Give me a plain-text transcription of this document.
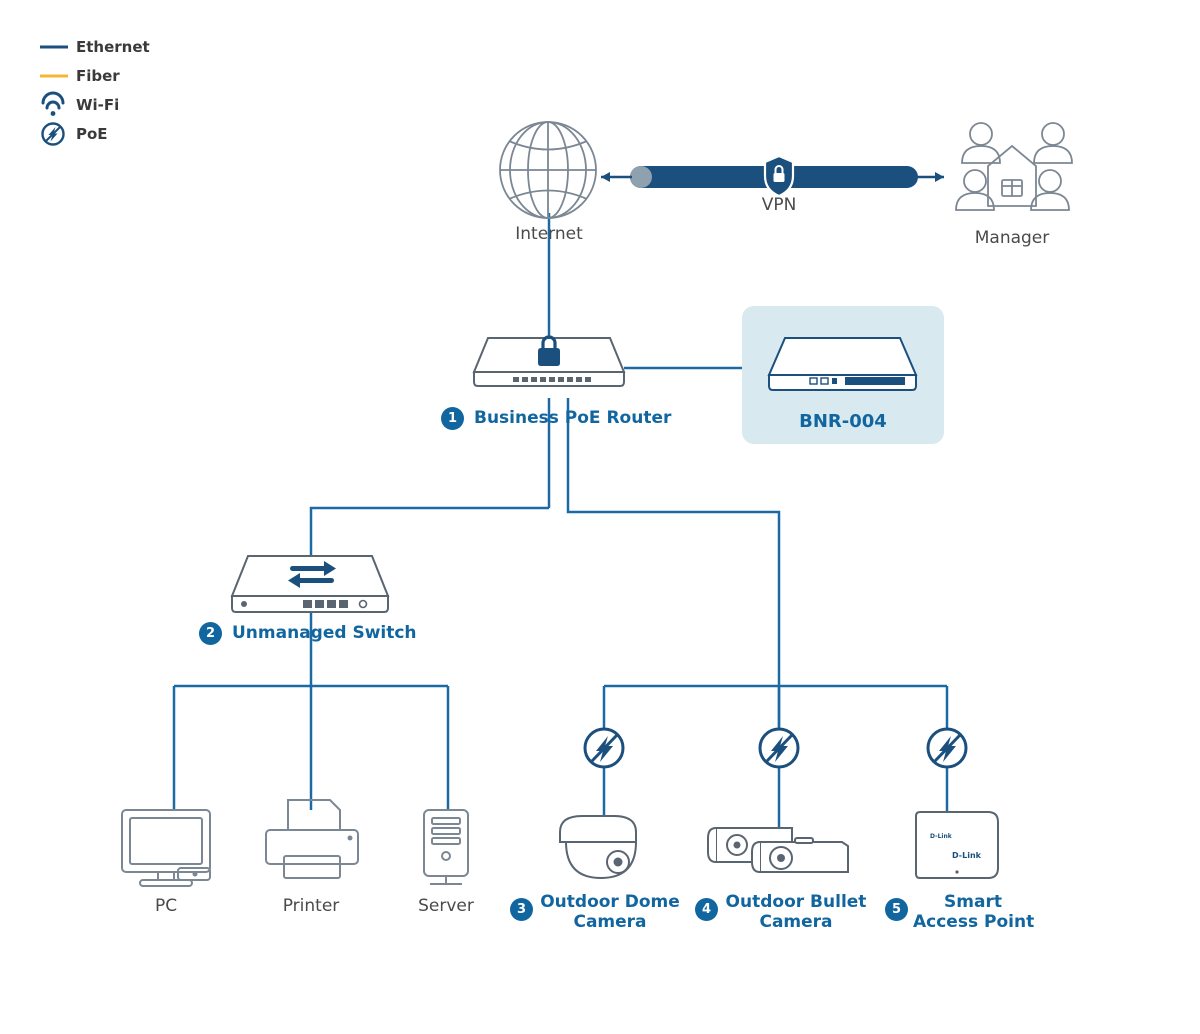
Ethernet
Fiber
Wi-Fi
PoE
Internet
VPN
Manager
1 Business PoE Router	BNR-004
2 Unmanaged Switch
PC	Printer	Server	3 Outdoor Dome
Camera
4 Outdoor Bullet
Camera
5	Smart
Access Point
D-Link
D-Link
